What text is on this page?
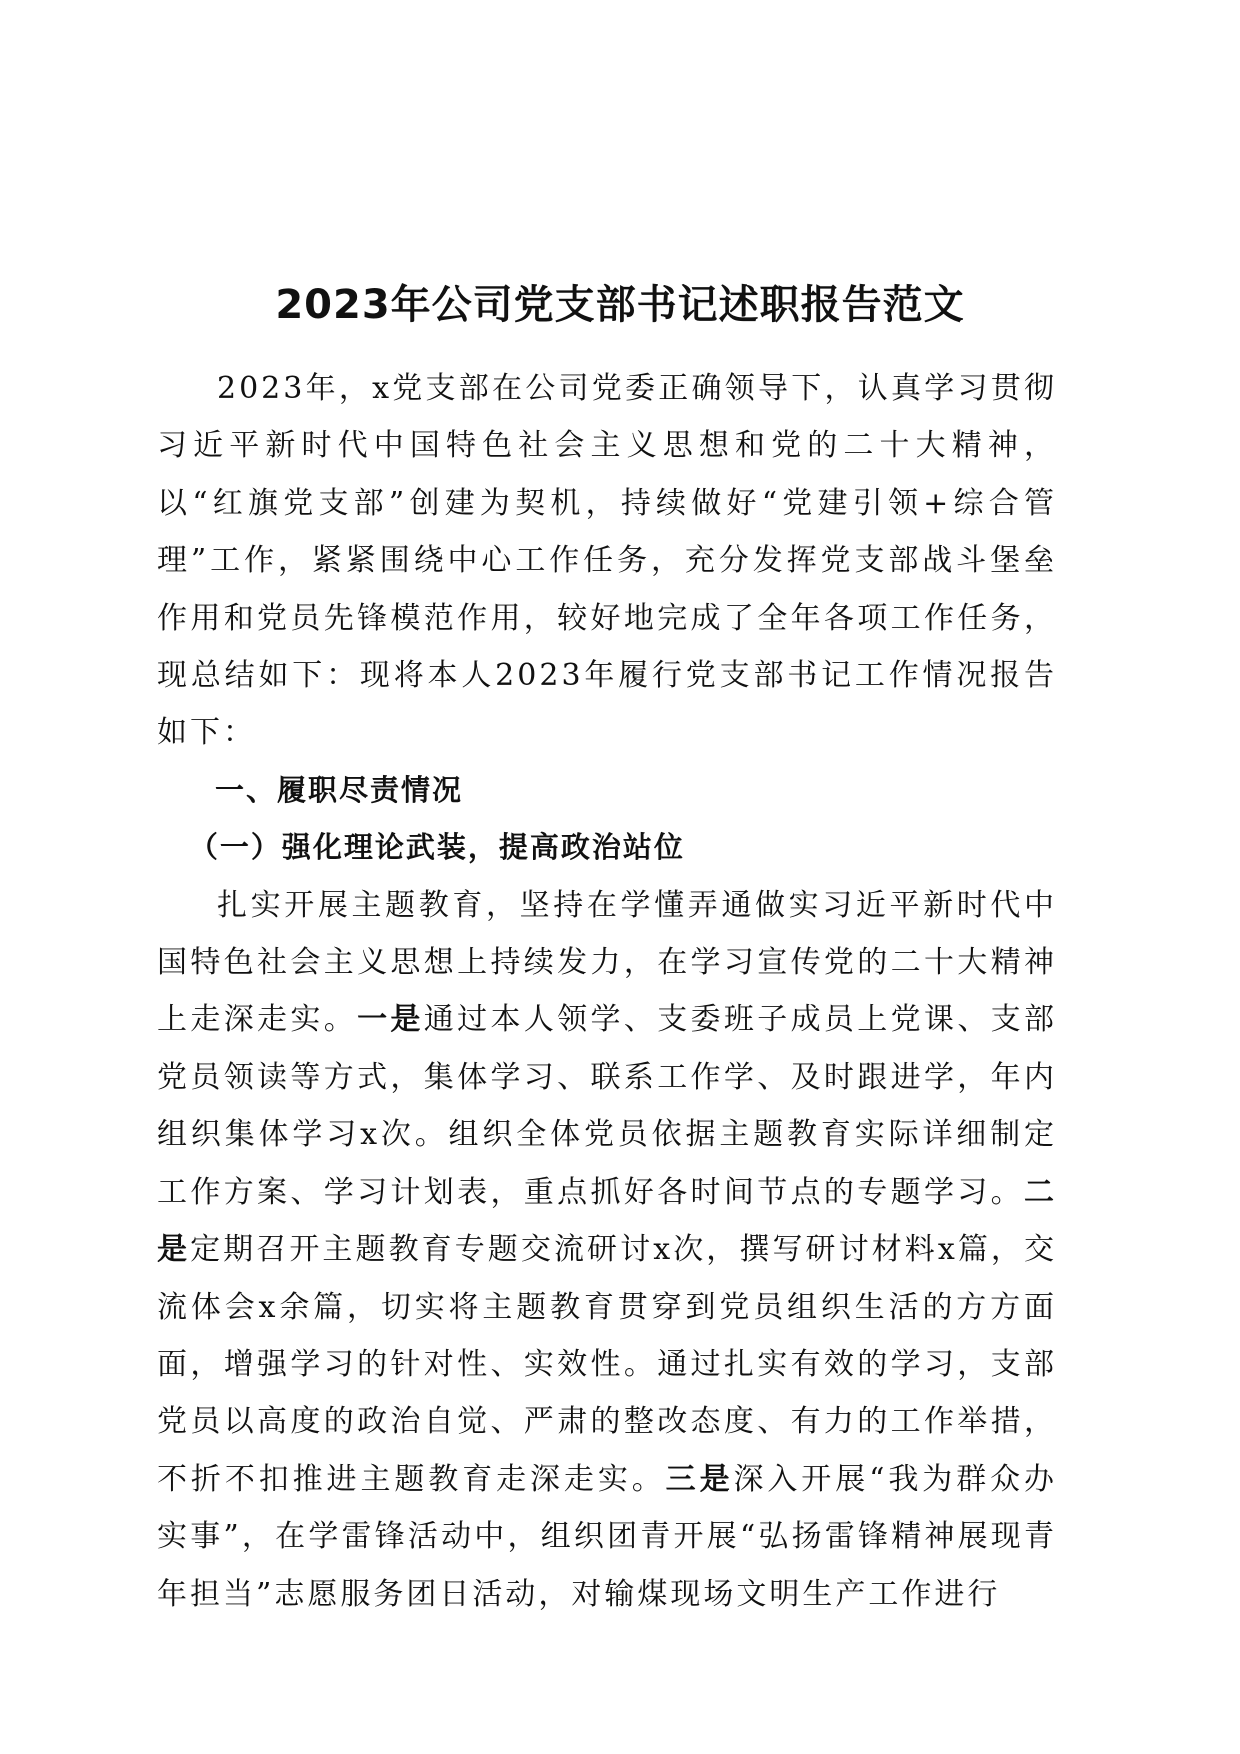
2023年公司党支部书记述职报告范文

2023年，x党支部在公司党委正确领导下，认真学习贯彻习近平新时代中国特色社会主义思想和党的二十大精神，以“红旗党支部”创建为契机，持续做好“党建引领+综合管理”工作，紧紧围绕中心工作任务，充分发挥党支部战斗堡垒作用和党员先锋模范作用，较好地完成了全年各项工作任务，现总结如下：现将本人2023年履行党支部书记工作情况报告如下：

一、履职尽责情况

（一）强化理论武装，提高政治站位

扎实开展主题教育，坚持在学懂弄通做实习近平新时代中国特色社会主义思想上持续发力，在学习宣传党的二十大精神上走深走实。一是通过本人领学、支委班子成员上党课、支部党员领读等方式，集体学习、联系工作学、及时跟进学，年内组织集体学习x次。组织全体党员依据主题教育实际详细制定工作方案、学习计划表，重点抓好各时间节点的专题学习。二是定期召开主题教育专题交流研讨x次，撰写研讨材料x篇，交流体会x余篇，切实将主题教育贯穿到党员组织生活的方方面面，增强学习的针对性、实效性。通过扎实有效的学习，支部党员以高度的政治自觉、严肃的整改态度、有力的工作举措，不折不扣推进主题教育走深走实。三是深入开展“我为群众办实事”，在学雷锋活动中，组织团青开展“弘扬雷锋精神展现青年担当”志愿服务团日活动，对输煤现场文明生产工作进行
